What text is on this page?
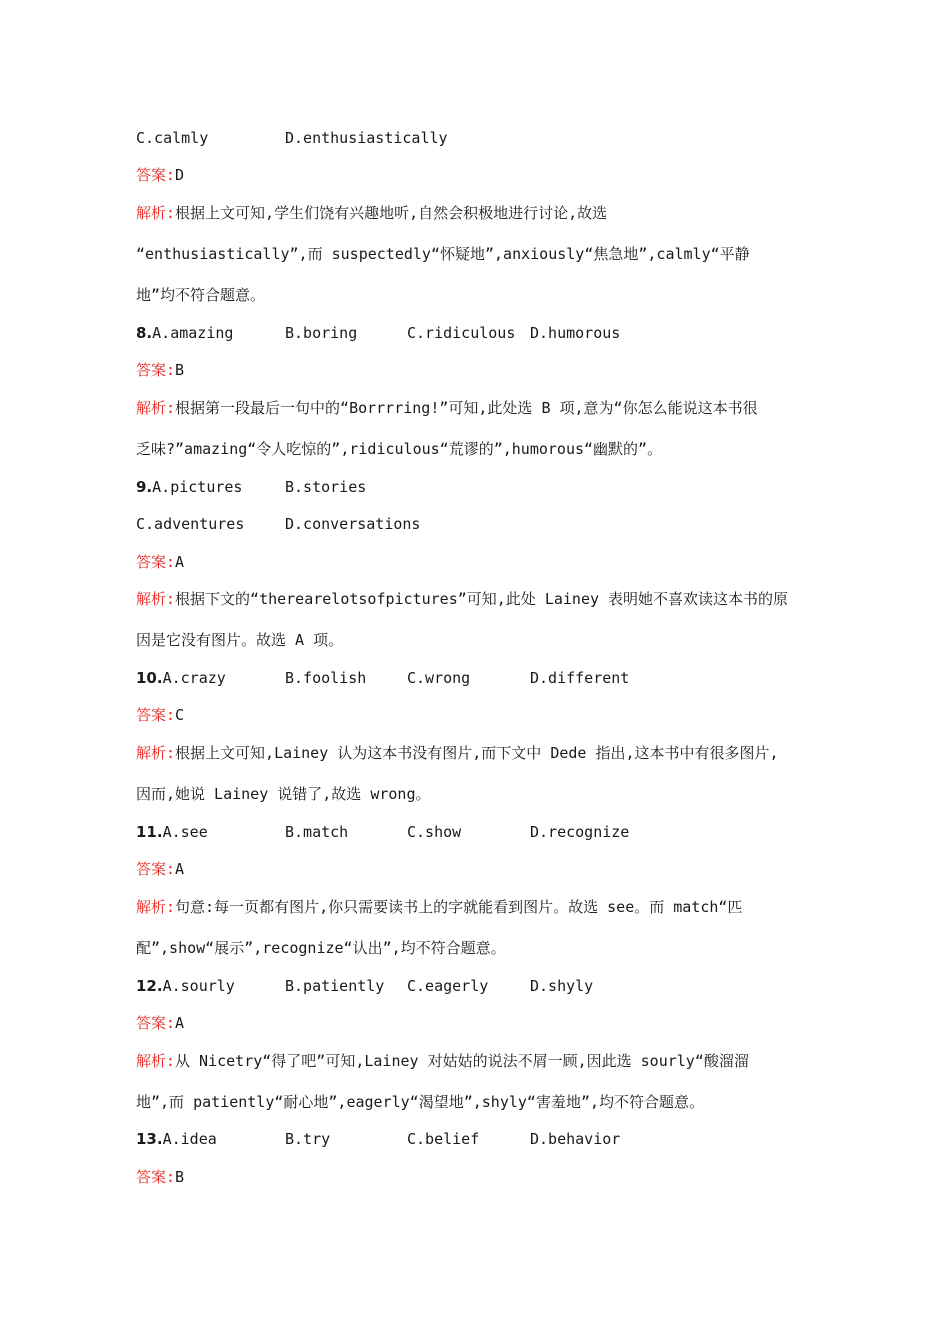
C.calmly	D.enthusiastically
答案:D
解析:根据上文可知,学生们饶有兴趣地听,自然会积极地进行讨论,故选
“enthusiastically”,而 suspectedly“怀疑地”,anxiously“焦急地”,calmly“平静
地”均不符合题意。
8.A.amazing	B.boring	C.ridiculous D.humorous
答案:B
解析:根据第一段最后一句中的“Borrrring!”可知,此处选 B 项,意为“你怎么能说这本书很
乏味?”amazing“令人吃惊的”,ridiculous“荒谬的”,humorous“幽默的”。
9.A.pictures	B.stories
C.adventures	D.conversations
答案:A
解析:根据下文的“therearelotsofpictures”可知,此处 Lainey 表明她不喜欢读这本书的原
因是它没有图片。故选 A 项。
10.A.crazy	B.foolish	C.wrong	D.different
答案:C
解析:根据上文可知,Lainey 认为这本书没有图片,而下文中 Dede 指出,这本书中有很多图片,
因而,她说 Lainey 说错了,故选 wrong。
11.A.see	B.match	C.show	D.recognize
答案:A
解析:句意:每一页都有图片,你只需要读书上的字就能看到图片。故选 see。而 match“匹
配”,show“展示”,recognize“认出”,均不符合题意。
12.A.sourly	B.patiently C.eagerly	D.shyly
答案:A
解析:从 Nicetry“得了吧”可知,Lainey 对姑姑的说法不屑一顾,因此选 sourly“酸溜溜
地”,而 patiently“耐心地”,eagerly“渴望地”,shyly“害羞地”,均不符合题意。
13.A.idea	B.try	C.belief	D.behavior
答案:B
